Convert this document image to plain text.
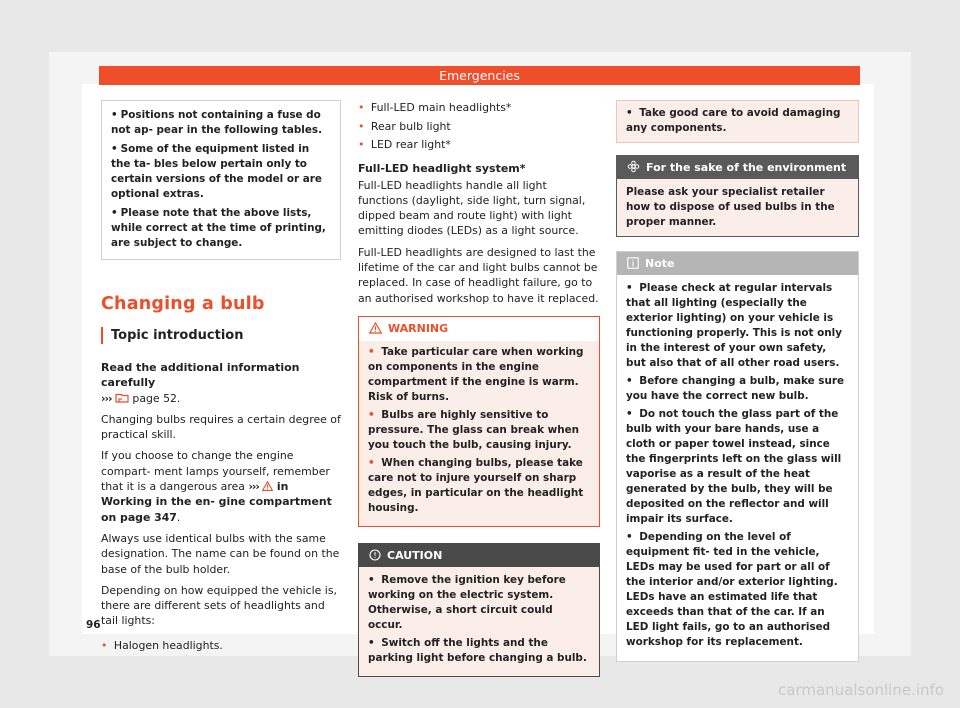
Emergencies

• Positions not containing a fuse do not ap- pear in the following tables.

• Some of the equipment listed in the ta- bles below pertain only to certain versions of the model or are optional extras.

• Please note that the above lists, while correct at the time of printing, are subject to change.

Changing a bulb
Topic introduction

Read the additional information carefully

››› page 52.

Changing bulbs requires a certain degree of practical skill.

If you choose to change the engine compart- ment lamps yourself, remember that it is a dangerous area ››› in Working in the en- gine compartment on page 347.

Always use identical bulbs with the same designation. The name can be found on the base of the bulb holder.

Depending on how equipped the vehicle is, there are different sets of headlights and tail lights:

• Halogen headlights.

• Full-LED main headlights*

• Rear bulb light

• LED rear light*

Full-LED headlight system*

Full-LED headlights handle all light functions (daylight, side light, turn signal, dipped beam and route light) with light emitting diodes (LEDs) as a light source.

Full-LED headlights are designed to last the lifetime of the car and light bulbs cannot be replaced. In case of headlight failure, go to an authorised workshop to have it replaced.

WARNING

• Take particular care when working on components in the engine compartment if the engine is warm. Risk of burns.

• Bulbs are highly sensitive to pressure. The glass can break when you touch the bulb, causing injury.

• When changing bulbs, please take care not to injure yourself on sharp edges, in particular on the headlight housing.

CAUTION

• Remove the ignition key before working on the electric system. Otherwise, a short circuit could occur.

• Switch off the lights and the parking light before changing a bulb.

• Take good care to avoid damaging any components.
For the sake of the environment
Please ask your specialist retailer how to dispose of used bulbs in the proper manner.
Note

• Please check at regular intervals that all lighting (especially the exterior lighting) on your vehicle is functioning properly. This is not only in the interest of your own safety, but also that of all other road users.

• Before changing a bulb, make sure you have the correct new bulb.

• Do not touch the glass part of the bulb with your bare hands, use a cloth or paper towel instead, since the fingerprints left on the glass will vaporise as a result of the heat generated by the bulb, they will be deposited on the reflector and will impair its surface.

• Depending on the level of equipment fit- ted in the vehicle, LEDs may be used for part or all of the interior and/or exterior lighting. LEDs have an estimated life that exceeds than that of the car. If an LED light fails, go to an authorised workshop for its replacement.

96
carmanualsonline.info
